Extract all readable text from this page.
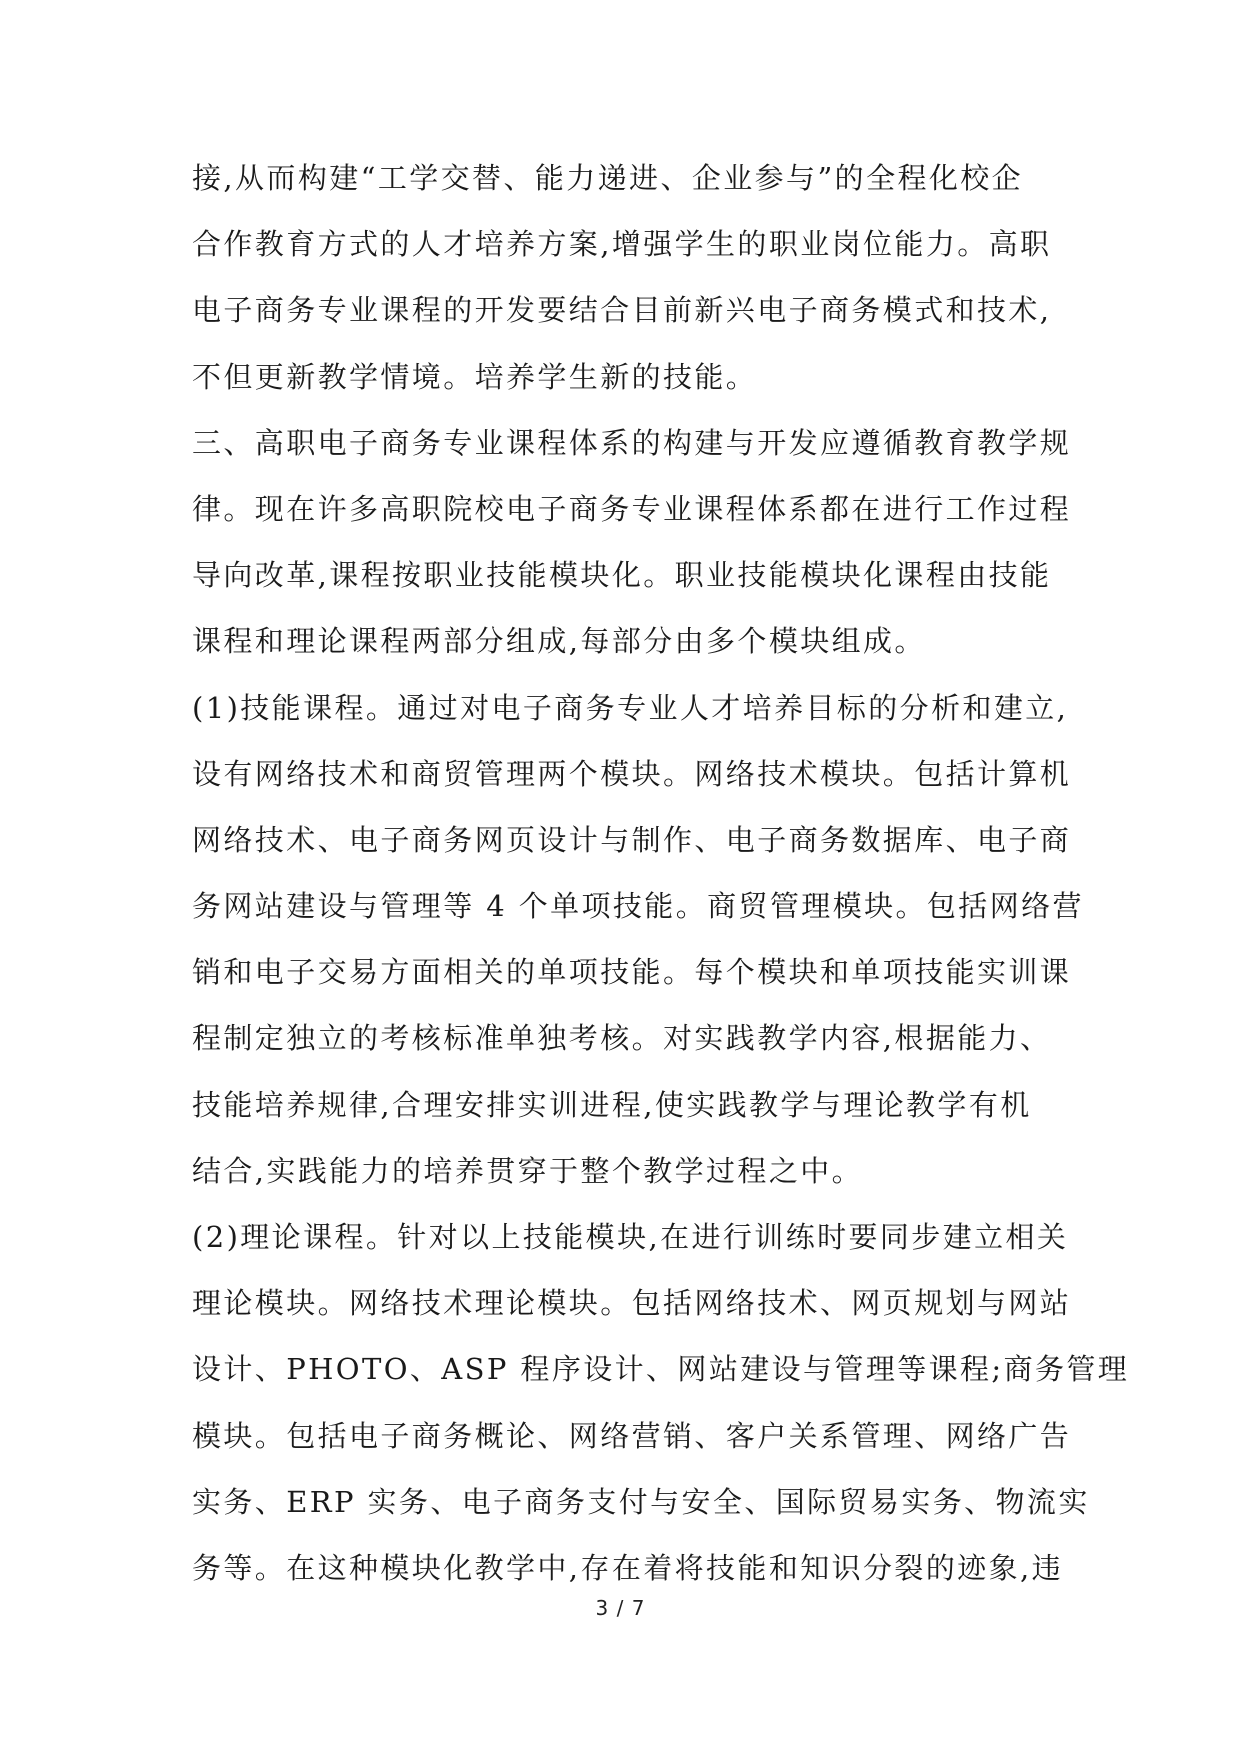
接,从而构建“工学交替、能力递进、企业参与”的全程化校企
合作教育方式的人才培养方案,增强学生的职业岗位能力。高职
电子商务专业课程的开发要结合目前新兴电子商务模式和技术,
不但更新教学情境。培养学生新的技能。
三、高职电子商务专业课程体系的构建与开发应遵循教育教学规
律。现在许多高职院校电子商务专业课程体系都在进行工作过程
导向改革,课程按职业技能模块化。职业技能模块化课程由技能
课程和理论课程两部分组成,每部分由多个模块组成。
(1)技能课程。通过对电子商务专业人才培养目标的分析和建立,
设有网络技术和商贸管理两个模块。网络技术模块。包括计算机
网络技术、电子商务网页设计与制作、电子商务数据库、电子商
务网站建设与管理等 4 个单项技能。商贸管理模块。包括网络营
销和电子交易方面相关的单项技能。每个模块和单项技能实训课
程制定独立的考核标准单独考核。对实践教学内容,根据能力、
技能培养规律,合理安排实训进程,使实践教学与理论教学有机
结合,实践能力的培养贯穿于整个教学过程之中。
(2)理论课程。针对以上技能模块,在进行训练时要同步建立相关
理论模块。网络技术理论模块。包括网络技术、网页规划与网站
设计、PHOTO、ASP 程序设计、网站建设与管理等课程;商务管理
模块。包括电子商务概论、网络营销、客户关系管理、网络广告
实务、ERP 实务、电子商务支付与安全、国际贸易实务、物流实
务等。在这种模块化教学中,存在着将技能和知识分裂的迹象,违
3 / 7
